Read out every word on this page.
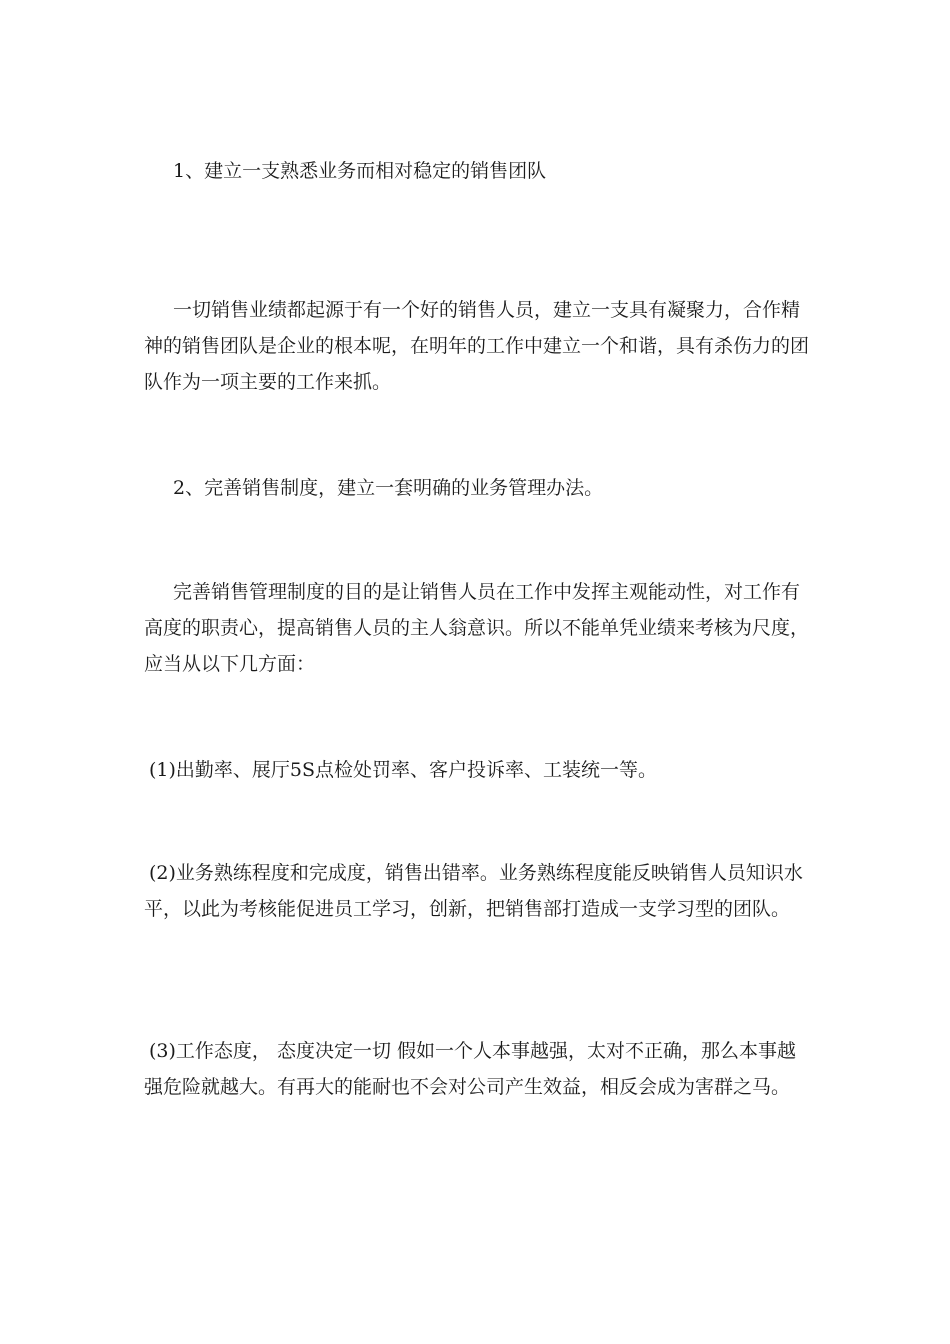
1、建立一支熟悉业务而相对稳定的销售团队

一切销售业绩都起源于有一个好的销售人员，建立一支具有凝聚力，合作精神的销售团队是企业的根本呢，在明年的工作中建立一个和谐，具有杀伤力的团队作为一项主要的工作来抓。

2、完善销售制度，建立一套明确的业务管理办法。

完善销售管理制度的目的是让销售人员在工作中发挥主观能动性，对工作有高度的职责心，提高销售人员的主人翁意识。所以不能单凭业绩来考核为尺度，应当从以下几方面：

(1)出勤率、展厅5S点检处罚率、客户投诉率、工装统一等。

(2)业务熟练程度和完成度，销售出错率。业务熟练程度能反映销售人员知识水平，以此为考核能促进员工学习，创新，把销售部打造成一支学习型的团队。

(3)工作态度， 态度决定一切 假如一个人本事越强，太对不正确，那么本事越强危险就越大。有再大的能耐也不会对公司产生效益，相反会成为害群之马。
